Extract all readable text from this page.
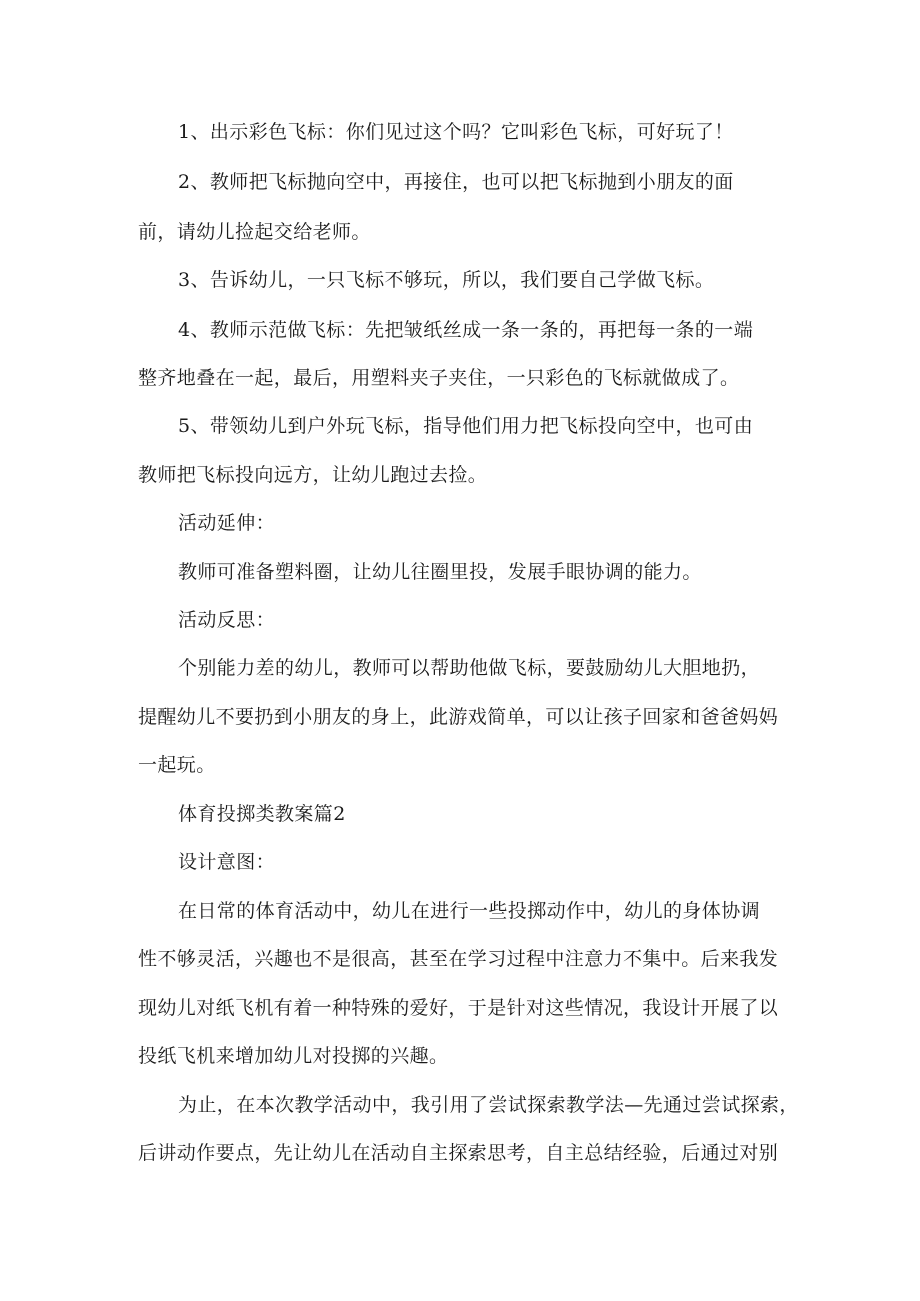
1、出示彩色飞标：你们见过这个吗？它叫彩色飞标，可好玩了！
2、教师把飞标抛向空中，再接住，也可以把飞标抛到小朋友的面
前，请幼儿捡起交给老师。
3、告诉幼儿，一只飞标不够玩，所以，我们要自己学做飞标。
4、教师示范做飞标：先把皱纸丝成一条一条的，再把每一条的一端
整齐地叠在一起，最后，用塑料夹子夹住，一只彩色的飞标就做成了。
5、带领幼儿到户外玩飞标，指导他们用力把飞标投向空中，也可由
教师把飞标投向远方，让幼儿跑过去捡。
活动延伸：
教师可准备塑料圈，让幼儿往圈里投，发展手眼协调的能力。
活动反思：
个别能力差的幼儿，教师可以帮助他做飞标，要鼓励幼儿大胆地扔，
提醒幼儿不要扔到小朋友的身上，此游戏简单，可以让孩子回家和爸爸妈妈
一起玩。
体育投掷类教案篇2
设计意图：
在日常的体育活动中，幼儿在进行一些投掷动作中，幼儿的身体协调
性不够灵活，兴趣也不是很高，甚至在学习过程中注意力不集中。后来我发
现幼儿对纸飞机有着一种特殊的爱好，于是针对这些情况，我设计开展了以
投纸飞机来增加幼儿对投掷的兴趣。
为止，在本次教学活动中，我引用了尝试探索教学法—先通过尝试探索，
后讲动作要点，先让幼儿在活动自主探索思考，自主总结经验，后通过对别
